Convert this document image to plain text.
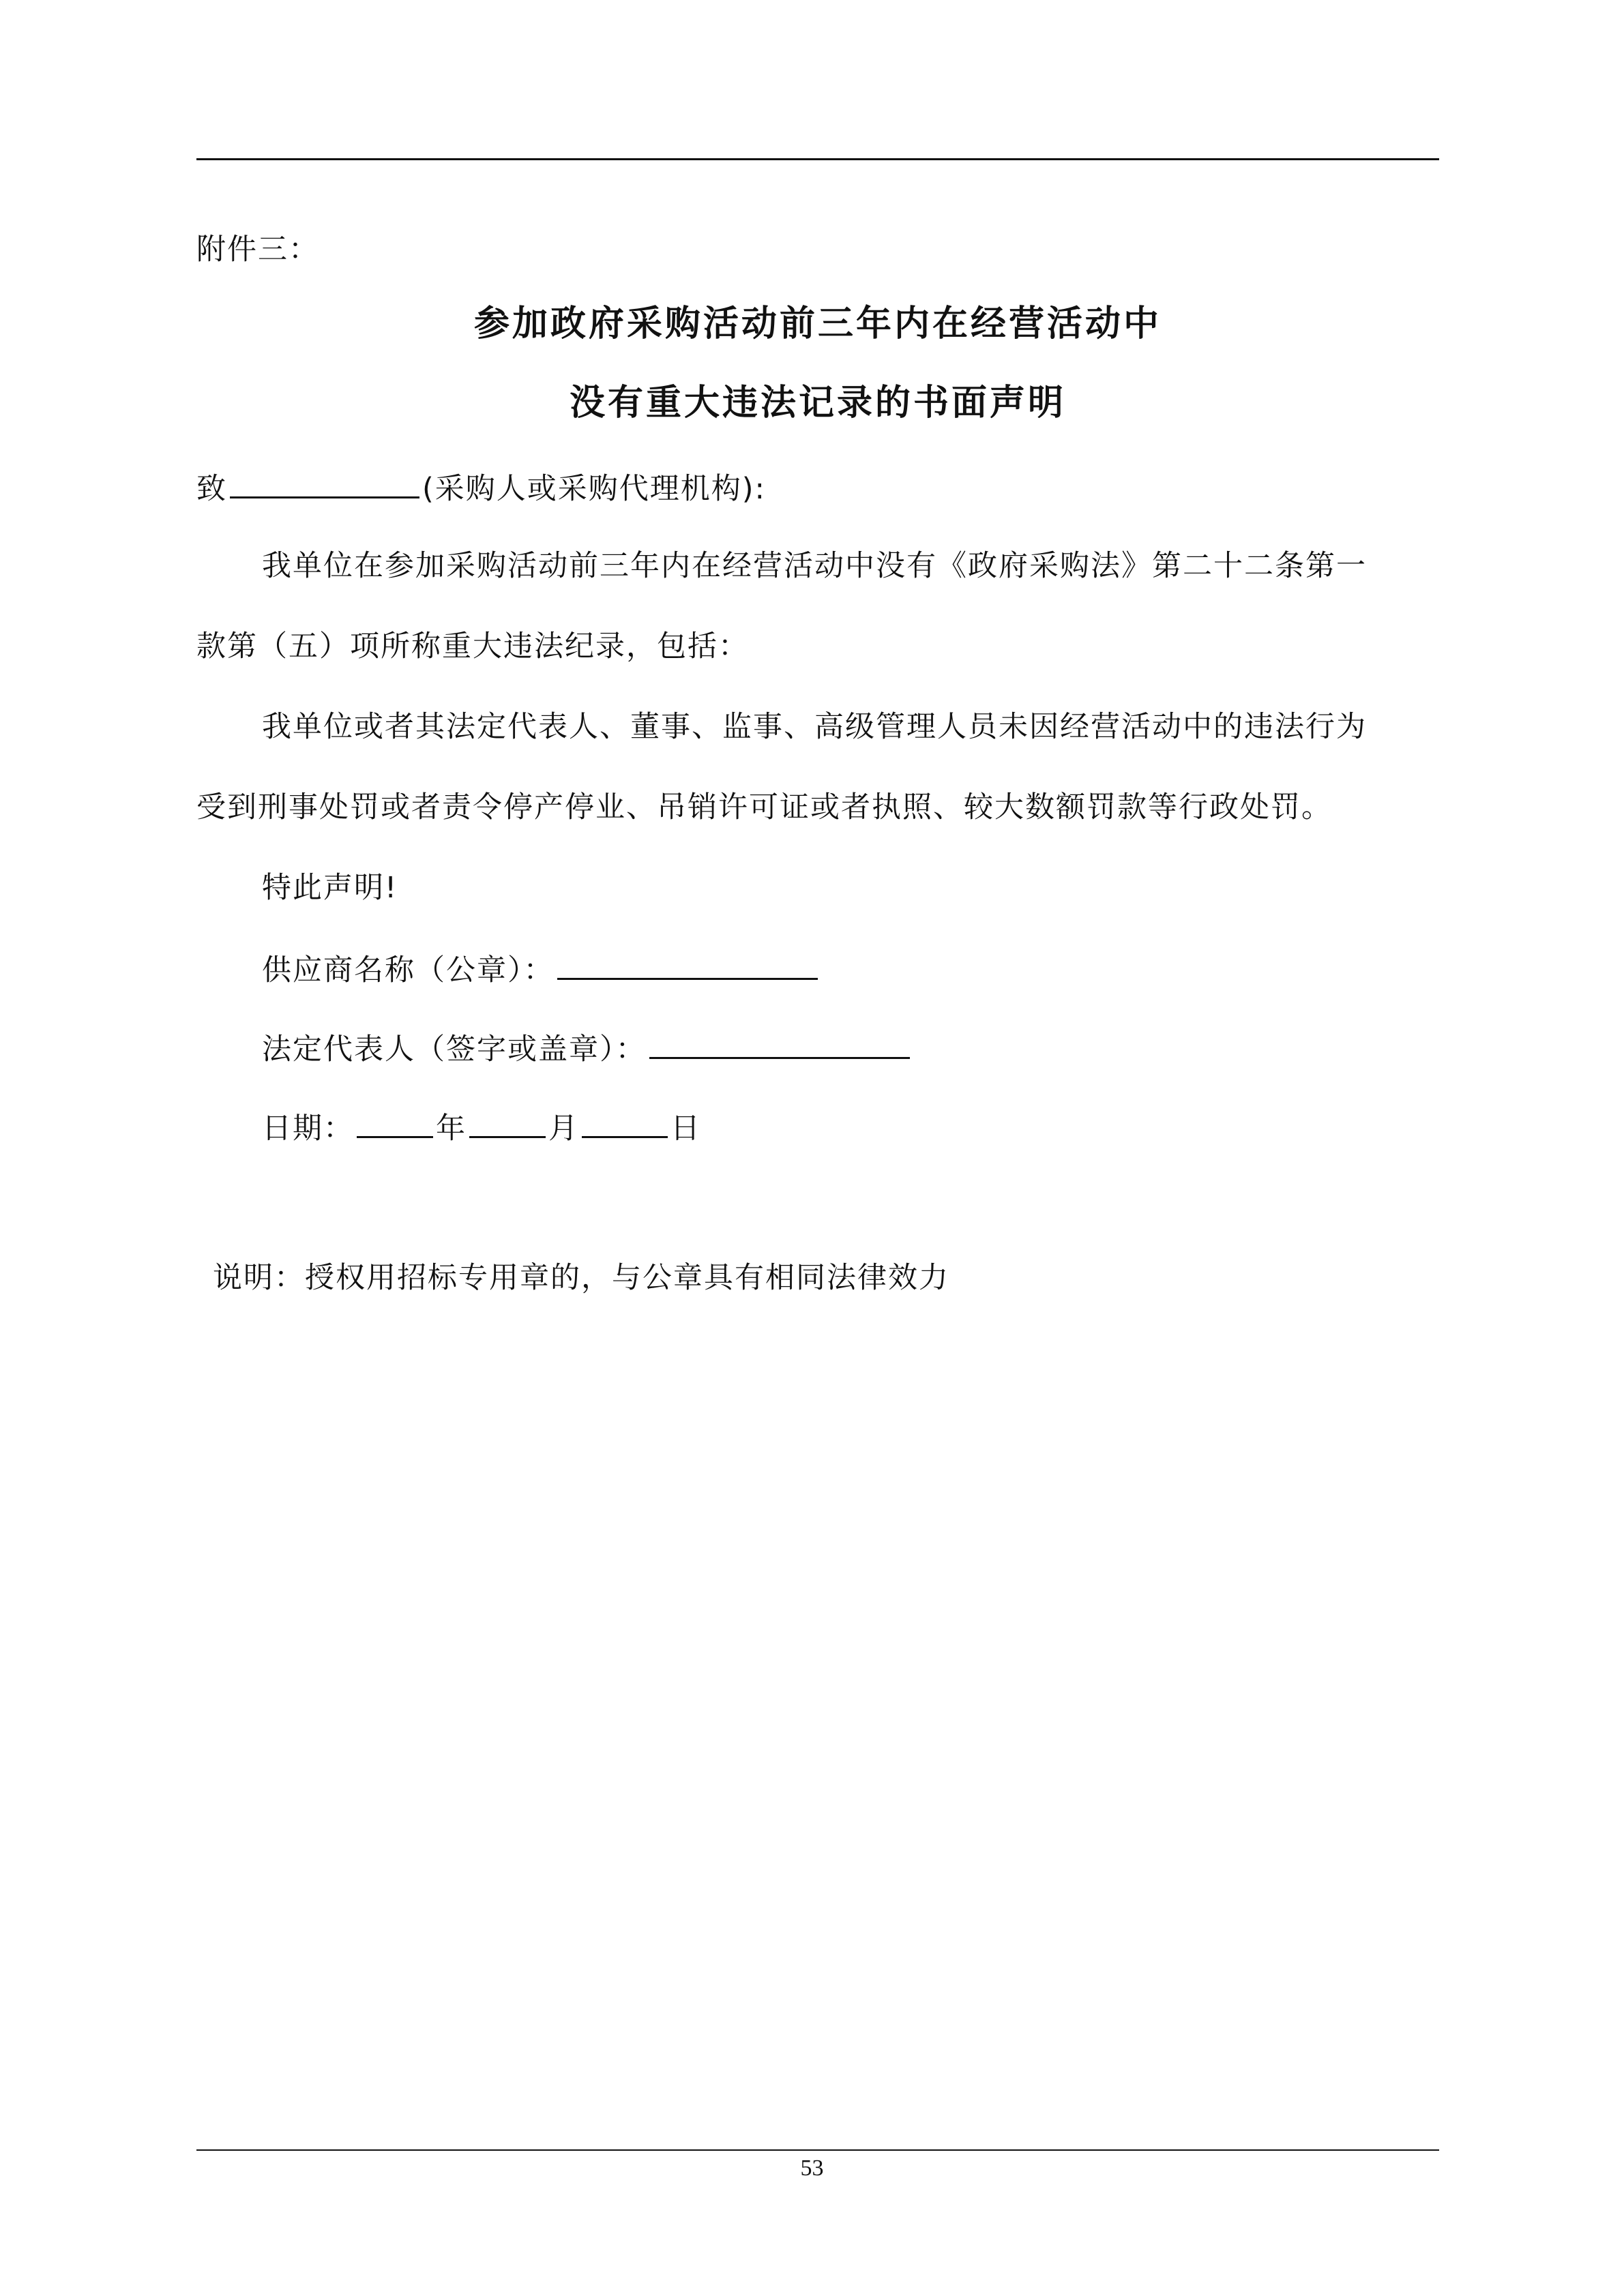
附件三：
参加政府采购活动前三年内在经营活动中
没有重大违法记录的书面声明
致	(采购人或采购代理机构):
我单位在参加采购活动前三年内在经营活动中没有《政府采购法》第二十二条第一
款第（五）项所称重大违法纪录，包括：
我单位或者其法定代表人、董事、监事、高级管理人员未因经营活动中的违法行为
受到刑事处罚或者责令停产停业、吊销许可证或者执照、较大数额罚款等行政处罚。
特此声明!
供应商名称（公章）：
法定代表人（签字或盖章）：
日期：	年	月	日
说明：授权用招标专用章的，与公章具有相同法律效力
53
